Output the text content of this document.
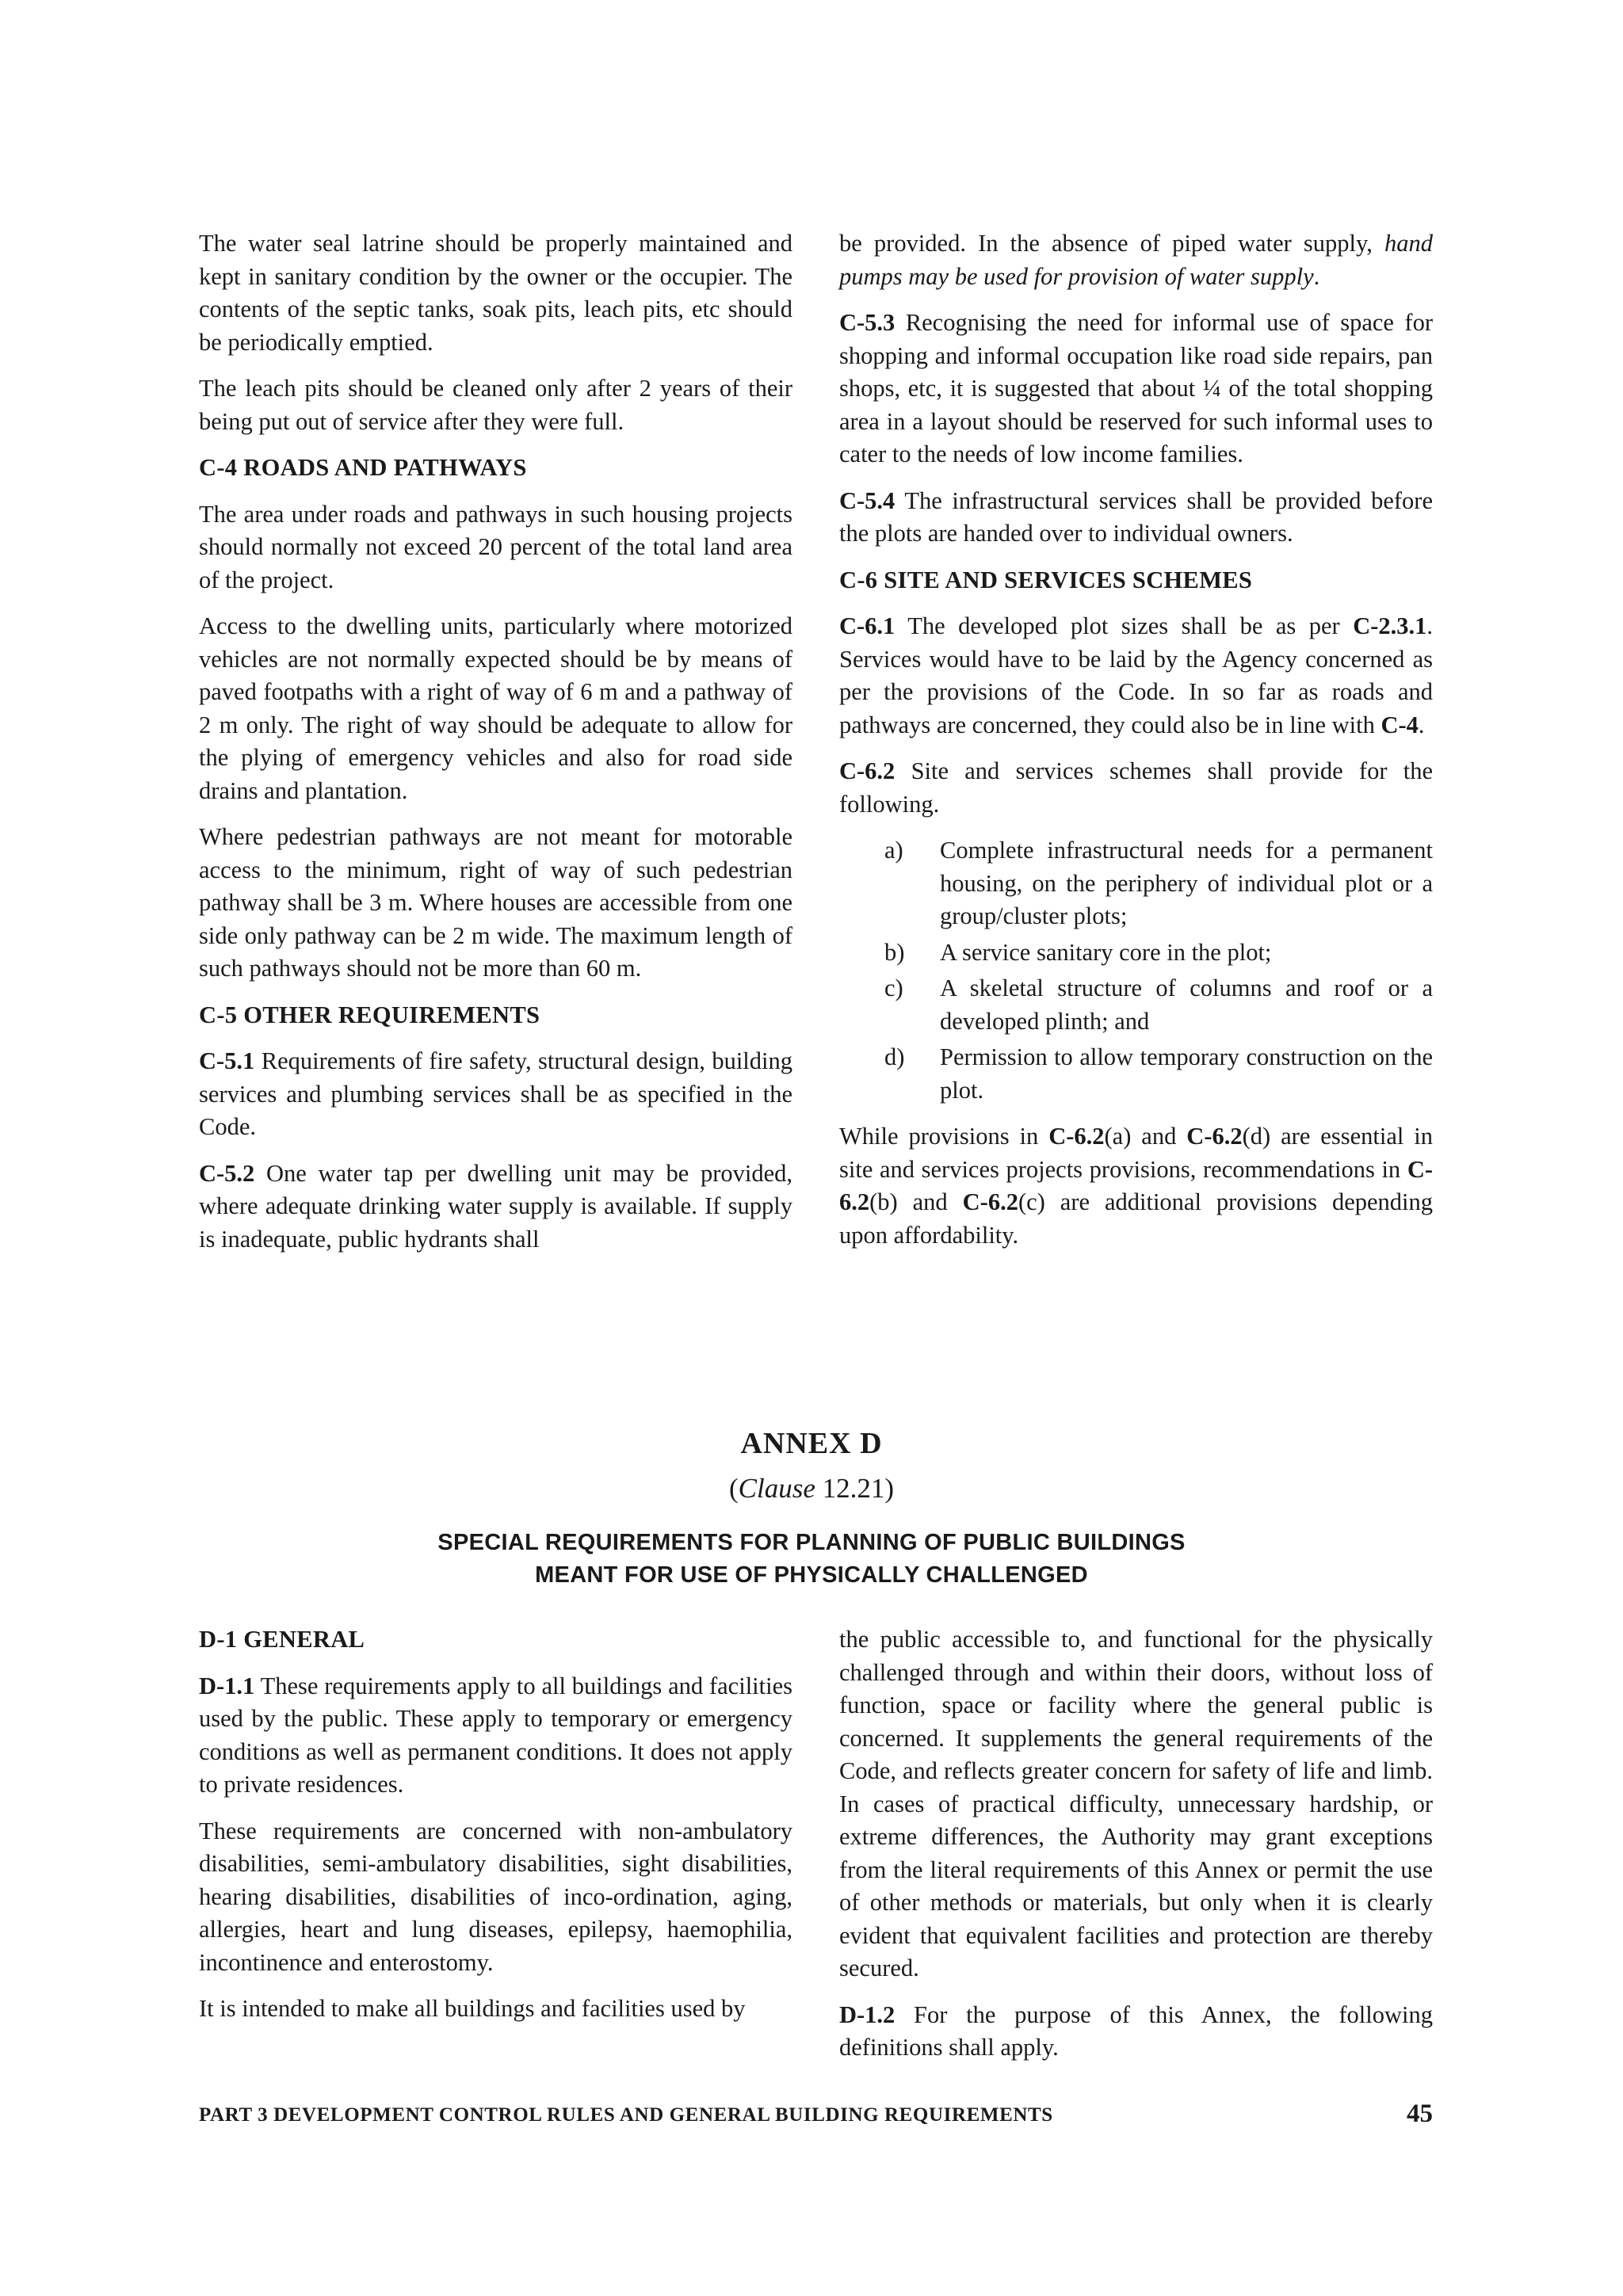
The water seal latrine should be properly maintained and kept in sanitary condition by the owner or the occupier. The contents of the septic tanks, soak pits, leach pits, etc should be periodically emptied.

The leach pits should be cleaned only after 2 years of their being put out of service after they were full.

C-4 ROADS AND PATHWAYS

The area under roads and pathways in such housing projects should normally not exceed 20 percent of the total land area of the project.

Access to the dwelling units, particularly where motorized vehicles are not normally expected should be by means of paved footpaths with a right of way of 6 m and a pathway of 2 m only. The right of way should be adequate to allow for the plying of emergency vehicles and also for road side drains and plantation.

Where pedestrian pathways are not meant for motorable access to the minimum, right of way of such pedestrian pathway shall be 3 m. Where houses are accessible from one side only pathway can be 2 m wide. The maximum length of such pathways should not be more than 60 m.

C-5 OTHER REQUIREMENTS

C-5.1 Requirements of fire safety, structural design, building services and plumbing services shall be as specified in the Code.

C-5.2 One water tap per dwelling unit may be provided, where adequate drinking water supply is available. If supply is inadequate, public hydrants shall

be provided. In the absence of piped water supply, hand pumps may be used for provision of water supply.

C-5.3 Recognising the need for informal use of space for shopping and informal occupation like road side repairs, pan shops, etc, it is suggested that about ¼ of the total shopping area in a layout should be reserved for such informal uses to cater to the needs of low income families.

C-5.4 The infrastructural services shall be provided before the plots are handed over to individual owners.

C-6 SITE AND SERVICES SCHEMES

C-6.1 The developed plot sizes shall be as per C-2.3.1. Services would have to be laid by the Agency concerned as per the provisions of the Code. In so far as roads and pathways are concerned, they could also be in line with C-4.

C-6.2 Site and services schemes shall provide for the following.

a) Complete infrastructural needs for a permanent housing, on the periphery of individual plot or a group/cluster plots;
b) A service sanitary core in the plot;
c) A skeletal structure of columns and roof or a developed plinth; and
d) Permission to allow temporary construction on the plot.

While provisions in C-6.2(a) and C-6.2(d) are essential in site and services projects provisions, recommendations in C-6.2(b) and C-6.2(c) are additional provisions depending upon affordability.

ANNEX D
(Clause 12.21)
SPECIAL REQUIREMENTS FOR PLANNING OF PUBLIC BUILDINGS
MEANT FOR USE OF PHYSICALLY CHALLENGED
D-1 GENERAL

D-1.1 These requirements apply to all buildings and facilities used by the public. These apply to temporary or emergency conditions as well as permanent conditions. It does not apply to private residences.

These requirements are concerned with non-ambulatory disabilities, semi-ambulatory disabilities, sight disabilities, hearing disabilities, disabilities of inco-ordination, aging, allergies, heart and lung diseases, epilepsy, haemophilia, incontinence and enterostomy.

It is intended to make all buildings and facilities used by

the public accessible to, and functional for the physically challenged through and within their doors, without loss of function, space or facility where the general public is concerned. It supplements the general requirements of the Code, and reflects greater concern for safety of life and limb. In cases of practical difficulty, unnecessary hardship, or extreme differences, the Authority may grant exceptions from the literal requirements of this Annex or permit the use of other methods or materials, but only when it is clearly evident that equivalent facilities and protection are thereby secured.

D-1.2 For the purpose of this Annex, the following definitions shall apply.

PART 3 DEVELOPMENT CONTROL RULES AND GENERAL BUILDING REQUIREMENTS	45
